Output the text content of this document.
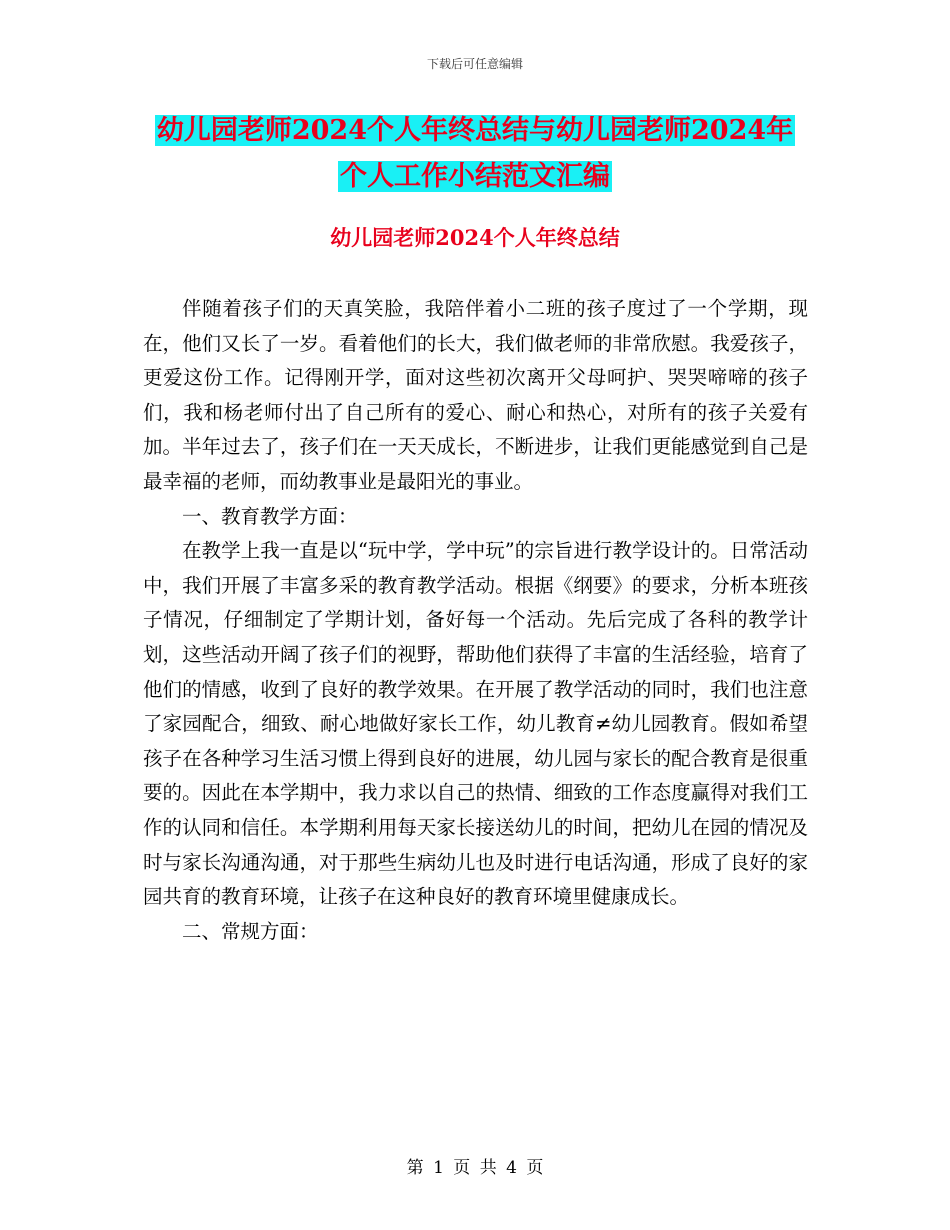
下载后可任意编辑
幼儿园老师2024个人年终总结与幼儿园老师2024年
个人工作小结范文汇编
幼儿园老师2024个人年终总结

伴随着孩子们的天真笑脸，我陪伴着小二班的孩子度过了一个学期，现在，他们又长了一岁。看着他们的长大，我们做老师的非常欣慰。我爱孩子，更爱这份工作。记得刚开学，面对这些初次离开父母呵护、哭哭啼啼的孩子们，我和杨老师付出了自己所有的爱心、耐心和热心，对所有的孩子关爱有加。半年过去了，孩子们在一天天成长，不断进步，让我们更能感觉到自己是最幸福的老师，而幼教事业是最阳光的事业。

一、教育教学方面：

在教学上我一直是以“玩中学，学中玩”的宗旨进行教学设计的。日常活动中，我们开展了丰富多采的教育教学活动。根据《纲要》的要求，分析本班孩子情况，仔细制定了学期计划，备好每一个活动。先后完成了各科的教学计划，这些活动开阔了孩子们的视野，帮助他们获得了丰富的生活经验，培育了他们的情感，收到了良好的教学效果。在开展了教学活动的同时，我们也注意了家园配合，细致、耐心地做好家长工作，幼儿教育≠幼儿园教育。假如希望孩子在各种学习生活习惯上得到良好的进展，幼儿园与家长的配合教育是很重要的。因此在本学期中，我力求以自己的热情、细致的工作态度赢得对我们工作的认同和信任。本学期利用每天家长接送幼儿的时间，把幼儿在园的情况及时与家长沟通沟通，对于那些生病幼儿也及时进行电话沟通，形成了良好的家园共育的教育环境，让孩子在这种良好的教育环境里健康成长。

二、常规方面：

第 1 页 共 4 页
